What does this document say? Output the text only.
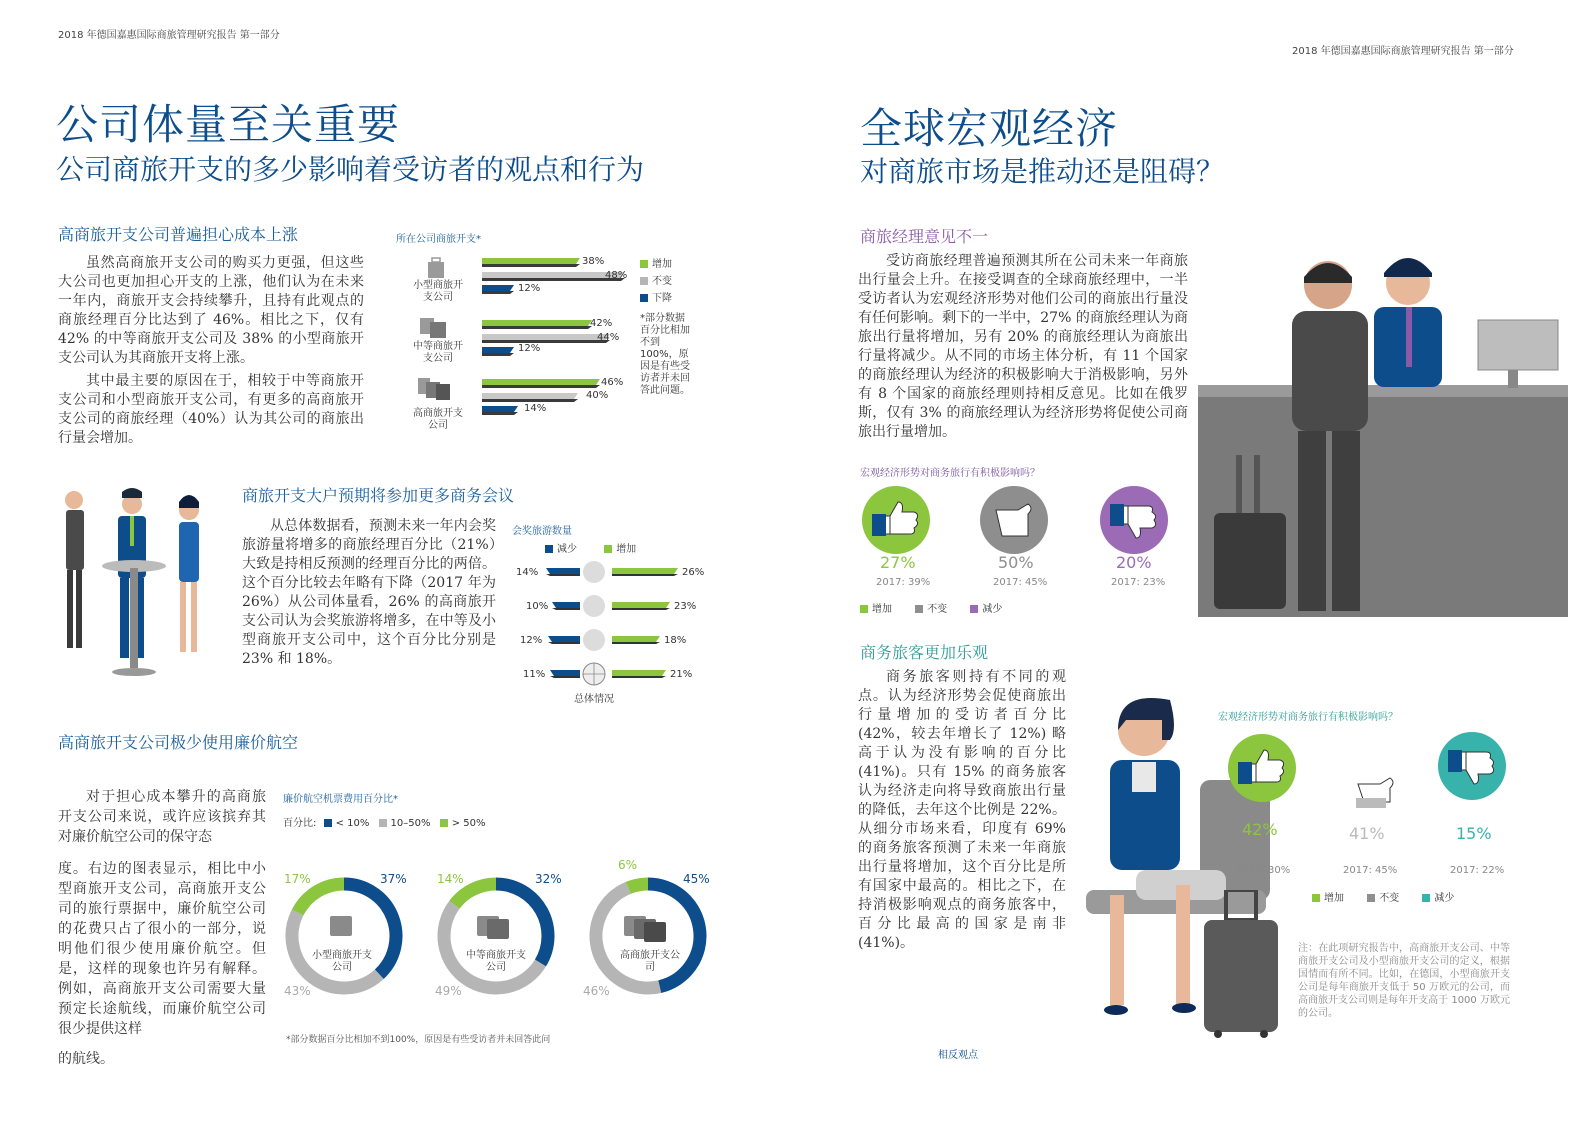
2018 年德国嘉惠国际商旅管理研究报告 第一部分
2018 年德国嘉惠国际商旅管理研究报告 第一部分
公司体量至关重要
公司商旅开支的多少影响着受访者的观点和行为
高商旅开支公司普遍担心成本上涨

虽然高商旅开支公司的购买力更强，但这些大公司也更加担心开支的上涨，他们认为在未来一年内，商旅开支会持续攀升，且持有此观点的商旅经理百分比达到了 46%。相比之下，仅有 42% 的中等商旅开支公司及 38% 的小型商旅开支公司认为其商旅开支将上涨。

其中最主要的原因在于，相较于中等商旅开支公司和小型商旅开支公司，有更多的高商旅开支公司的商旅经理（40%）认为其公司的商旅出行量会增加。

所在公司商旅开支*
增加
不变
下降
*部分数据百分比相加不到100%，原因是有些受访者并未回答此问题。
小型商旅开支公司
38%
48%
12%
中等商旅开支公司
42%
44%
12%
高商旅开支公司
46%
40%
14%
商旅开支大户预期将参加更多商务会议

从总体数据看，预测未来一年内会奖旅游量将增多的商旅经理百分比（21%）大致是持相反预测的经理百分比的两倍。这个百分比较去年略有下降（2017 年为 26%）从公司体量看，26% 的高商旅开支公司认为会奖旅游将增多，在中等及小型商旅开支公司中，这个百分比分别是 23% 和 18%。

会奖旅游数量
减少	增加
14%	26%
10%	23%
12%	18%
11%	21%
总体情况
高商旅开支公司极少使用廉价航空

对于担心成本攀升的高商旅开支公司来说，或许应该摈弃其对廉价航空公司的保守态

度。右边的图表显示，相比中小型商旅开支公司，高商旅开支公司的旅行票据中，廉价航空公司的花费只占了很小的一部分，说明他们很少使用廉价航空。但是，这样的现象也许另有解释。例如，高商旅开支公司需要大量预定长途航线，而廉价航空公司很少提供这样

的航线。

廉价航空机票费用百分比*
百分比: < 10% 10–50% > 50%
37%
17%
43%
小型商旅开支公司
32%
14%
49%
中等商旅开支公司
45%
6%
46%
高商旅开支公司
*部分数据百分比相加不到100%，原因是有些受访者并未回答此问
全球宏观经济
对商旅市场是推动还是阻碍？
商旅经理意见不一

受访商旅经理普遍预测其所在公司未来一年商旅出行量会上升。在接受调查的全球商旅经理中，一半受访者认为宏观经济形势对他们公司的商旅出行量没有任何影响。剩下的一半中，27% 的商旅经理认为商旅出行量将增加，另有 20% 的商旅经理认为商旅出行量将减少。从不同的市场主体分析，有 11 个国家的商旅经理认为经济的积极影响大于消极影响，另外有 8 个国家的商旅经理则持相反意见。比如在俄罗斯，仅有 3% 的商旅经理认为经济形势将促使公司商旅出行量增加。

宏观经济形势对商务旅行有积极影响吗？
27%	50%	20%
2017: 39%	2017: 45%	2017: 23%
增加	不变	减少
商务旅客更加乐观

商务旅客则持有不同的观点。认为经济形势会促使商旅出行量增加的受访者百分比 (42%，较去年增长了 12%) 略高于认为没有影响的百分比 (41%)。只有 15% 的商务旅客认为经济走向将导致商旅出行量的降低，去年这个比例是 22%。从细分市场来看，印度有 69% 的商务旅客预测了未来一年商旅出行量将增加，这个百分比是所有国家中最高的。相比之下，在持消极影响观点的商务旅客中，百分比最高的国家是南非 (41%)。

宏观经济形势对商务旅行有积极影响吗？
42%	41%	15%
2017: 30%	2017: 45%	2017: 22%
增加	不变	减少
注：在此项研究报告中，高商旅开支公司、中等商旅开支公司及小型商旅开支公司的定义，根据国情而有所不同。比如，在德国，小型商旅开支公司是每年商旅开支低于 50 万欧元的公司，而高商旅开支公司则是每年开支高于 1000 万欧元的公司。
相反观点
